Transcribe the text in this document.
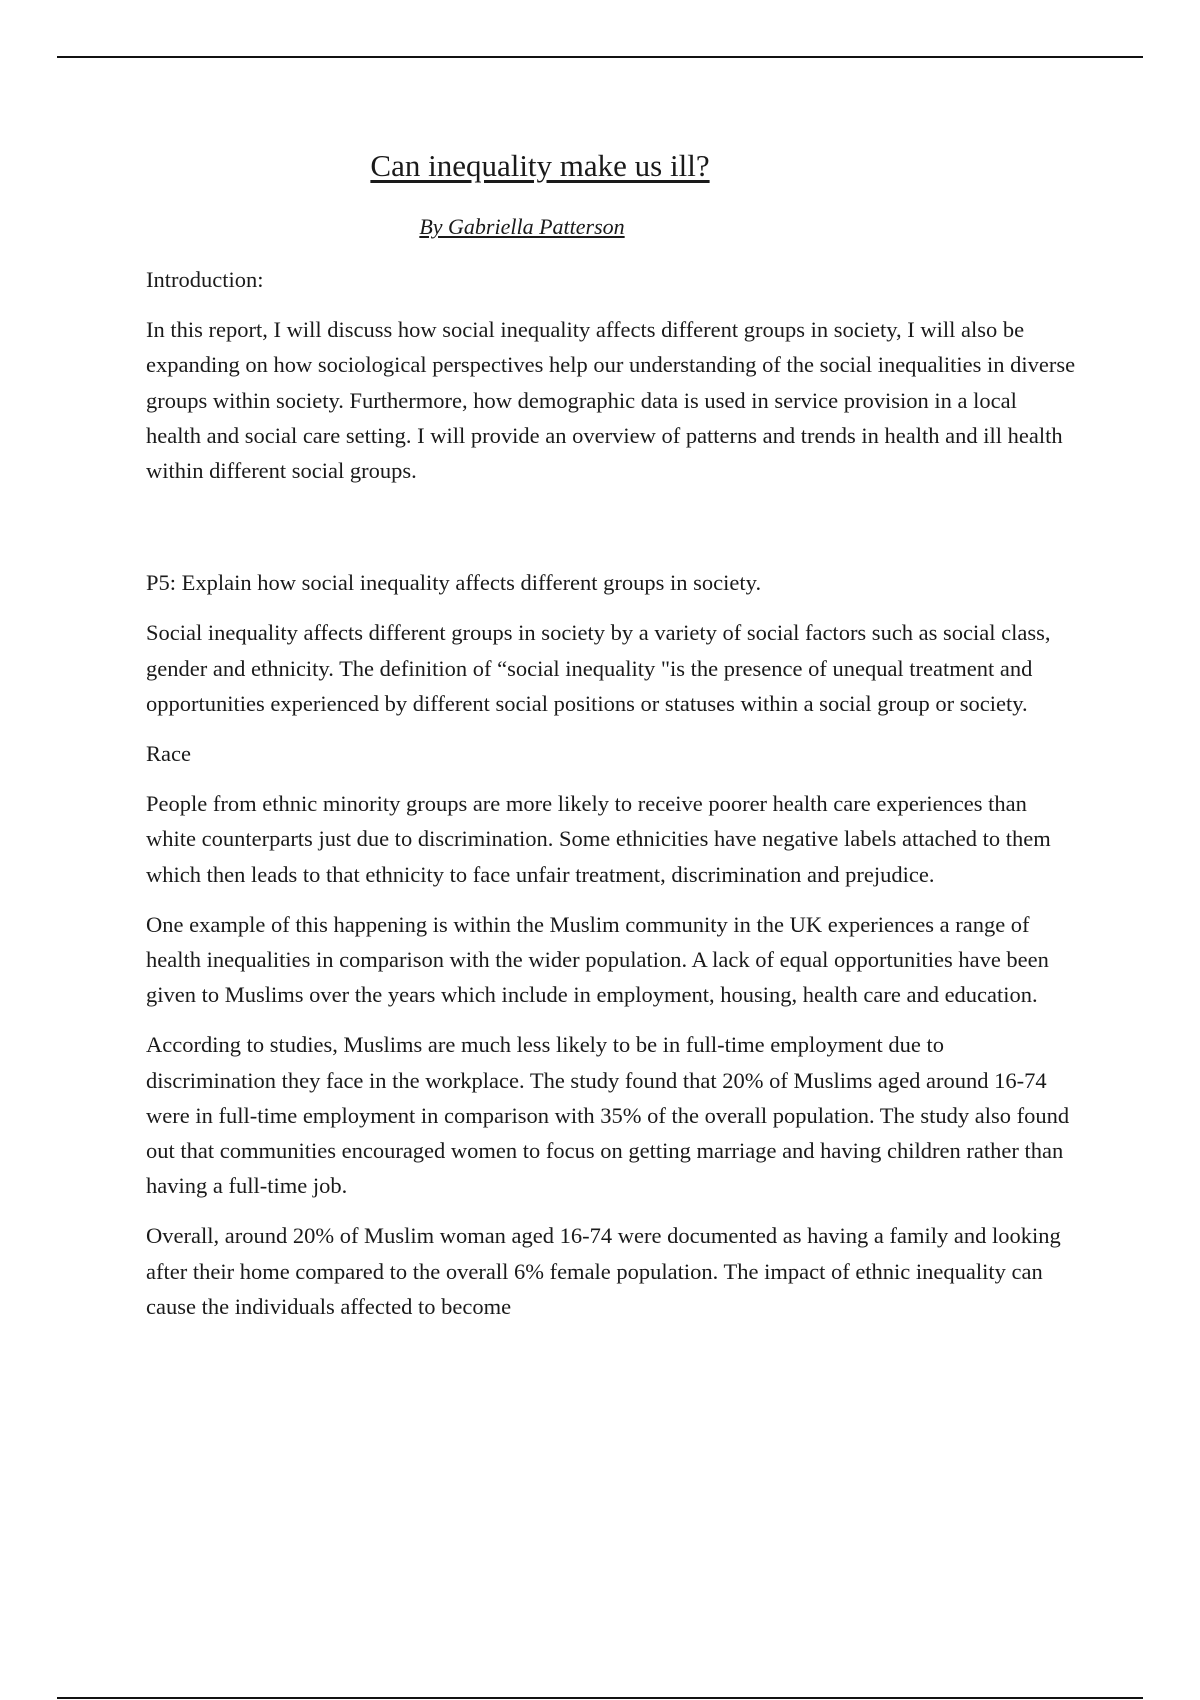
Can inequality make us ill?
By Gabriella Patterson

Introduction:

In this report, I will discuss how social inequality affects different groups in society, I will also be expanding on how sociological perspectives help our understanding of the social inequalities in diverse groups within society. Furthermore, how demographic data is used in service provision in a local health and social care setting. I will provide an overview of patterns and trends in health and ill health within different social groups.

P5: Explain how social inequality affects different groups in society.

Social inequality affects different groups in society by a variety of social factors such as social class, gender and ethnicity. The definition of “social inequality "is the presence of unequal treatment and opportunities experienced by different social positions or statuses within a social group or society.

Race

People from ethnic minority groups are more likely to receive poorer health care experiences than white counterparts just due to discrimination. Some ethnicities have negative labels attached to them which then leads to that ethnicity to face unfair treatment, discrimination and prejudice.

One example of this happening is within the Muslim community in the UK experiences a range of health inequalities in comparison with the wider population. A lack of equal opportunities have been given to Muslims over the years which include in employment, housing, health care and education.

According to studies, Muslims are much less likely to be in full-time employment due to discrimination they face in the workplace. The study found that 20% of Muslims aged around 16-74 were in full-time employment in comparison with 35% of the overall population. The study also found out that communities encouraged women to focus on getting marriage and having children rather than having a full-time job.

Overall, around 20% of Muslim woman aged 16-74 were documented as having a family and looking after their home compared to the overall 6% female population. The impact of ethnic inequality can cause the individuals affected to become
